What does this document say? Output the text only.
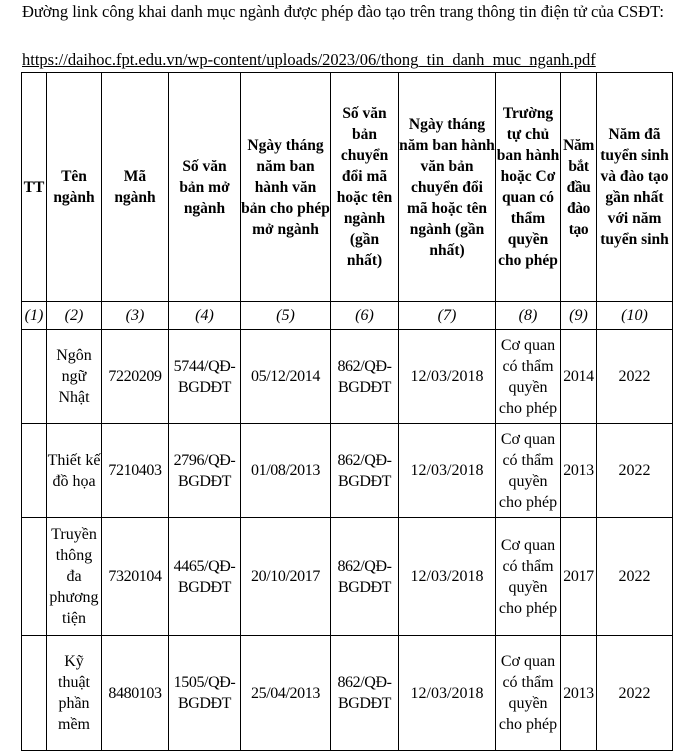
Đường link công khai danh mục ngành được phép đào tạo trên trang thông tin điện tử của CSĐT:
https://daihoc.fpt.edu.vn/wp-content/uploads/2023/06/thong_tin_danh_muc_nganh.pdf
TT	Tên ngành	Mã ngành	Số văn bản mở ngành	Ngày tháng năm ban hành văn bản cho phép mở ngành	Số văn bản chuyển đổi mã hoặc tên ngành (gần nhất)	Ngày tháng năm ban hành văn bản chuyển đổi mã hoặc tên ngành (gần nhất)	Trường tự chủ ban hành hoặc Cơ quan có thẩm quyền cho phép	Năm bắt đầu đào tạo	Năm đã tuyển sinh và đào tạo gần nhất với năm tuyển sinh
(1)	(2)	(3)	(4)	(5)	(6)	(7)	(8)	(9)	(10)
	Ngôn ngữ Nhật	7220209	5744/QĐ-BGDĐT	05/12/2014	862/QĐ-BGDĐT	12/03/2018	Cơ quan có thẩm quyền cho phép	2014	2022
	Thiết kế đồ họa	7210403	2796/QĐ-BGDĐT	01/08/2013	862/QĐ-BGDĐT	12/03/2018	Cơ quan có thẩm quyền cho phép	2013	2022
	Truyền thông đa phương tiện	7320104	4465/QĐ-BGDĐT	20/10/2017	862/QĐ-BGDĐT	12/03/2018	Cơ quan có thẩm quyền cho phép	2017	2022
	Kỹ thuật phần mềm	8480103	1505/QĐ-BGDĐT	25/04/2013	862/QĐ-BGDĐT	12/03/2018	Cơ quan có thẩm quyền cho phép	2013	2022
